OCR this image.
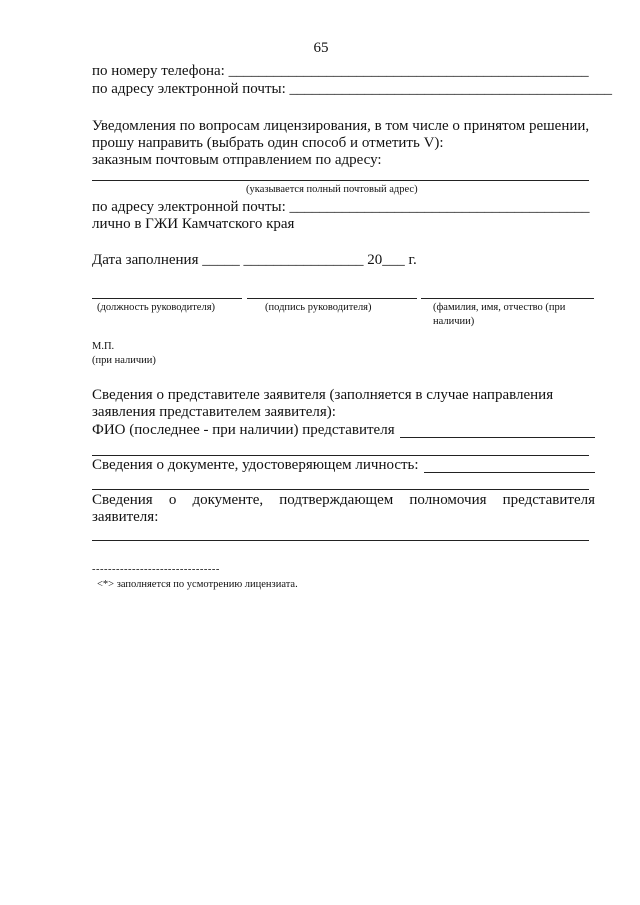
65
по номеру телефона: ________________________________________________
по адресу электронной почты: ___________________________________________
Уведомления по вопросам лицензирования, в том числе о принятом решении,
прошу направить (выбрать один способ и отметить V):
заказным почтовым отправлением по адресу:
(указывается полный почтовый адрес)
по адресу электронной почты: ________________________________________
лично в ГЖИ Камчатского края
Дата заполнения _____ ________________ 20___ г.
(должность руководителя)	(подпись руководителя)	(фамилия, имя, отчество (при
наличии)
М.П.
(при наличии)
Сведения о представителе заявителя (заполняется в случае направления
заявления представителем заявителя):
ФИО (последнее - при наличии) представителя
Сведения о документе, удостоверяющем личность:
Сведения о документе, подтверждающем полномочия представителя
заявителя:
--------------------------------
<*> заполняется по усмотрению лицензиата.
